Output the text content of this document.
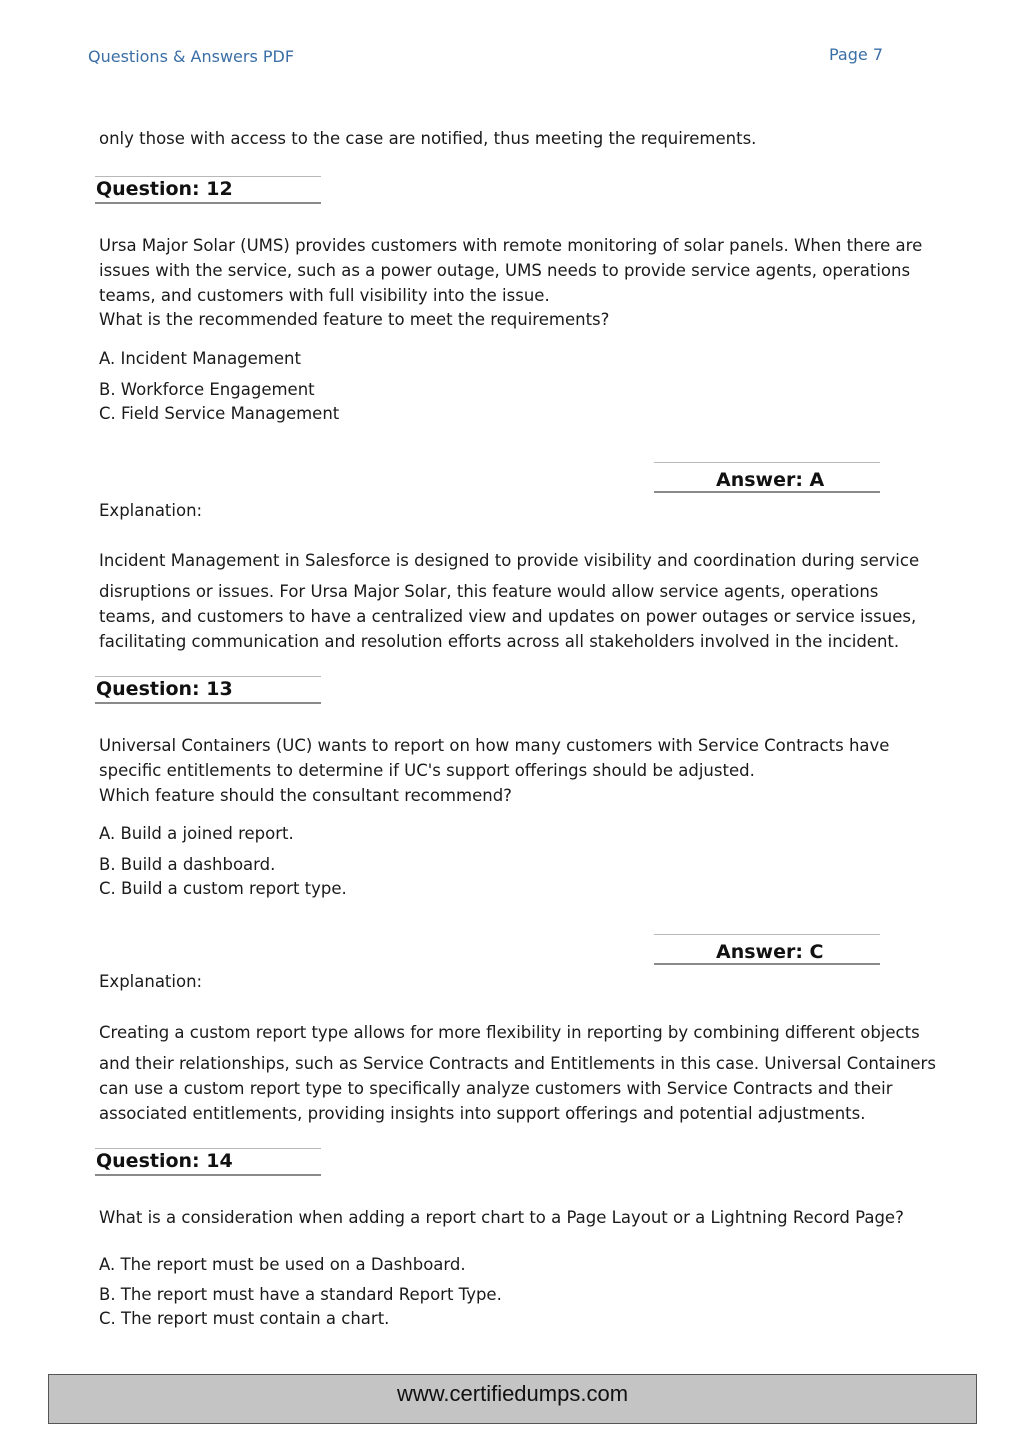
Questions & Answers PDF	Page 7
only those with access to the case are notified, thus meeting the requirements.
Question: 12
Ursa Major Solar (UMS) provides customers with remote monitoring of solar panels. When there are
issues with the service, such as a power outage, UMS needs to provide service agents, operations
teams, and customers with full visibility into the issue.
What is the recommended feature to meet the requirements?
A. Incident Management
B. Workforce Engagement
C. Field Service Management
Answer: A
Explanation:
Incident Management in Salesforce is designed to provide visibility and coordination during service
disruptions or issues. For Ursa Major Solar, this feature would allow service agents, operations
teams, and customers to have a centralized view and updates on power outages or service issues,
facilitating communication and resolution efforts across all stakeholders involved in the incident.
Question: 13
Universal Containers (UC) wants to report on how many customers with Service Contracts have
specific entitlements to determine if UC's support offerings should be adjusted.
Which feature should the consultant recommend?
A. Build a joined report.
B. Build a dashboard.
C. Build a custom report type.
Answer: C
Explanation:
Creating a custom report type allows for more flexibility in reporting by combining different objects
and their relationships, such as Service Contracts and Entitlements in this case. Universal Containers
can use a custom report type to specifically analyze customers with Service Contracts and their
associated entitlements, providing insights into support offerings and potential adjustments.
Question: 14
What is a consideration when adding a report chart to a Page Layout or a Lightning Record Page?
A. The report must be used on a Dashboard.
B. The report must have a standard Report Type.
C. The report must contain a chart.
www.certifiedumps.com
